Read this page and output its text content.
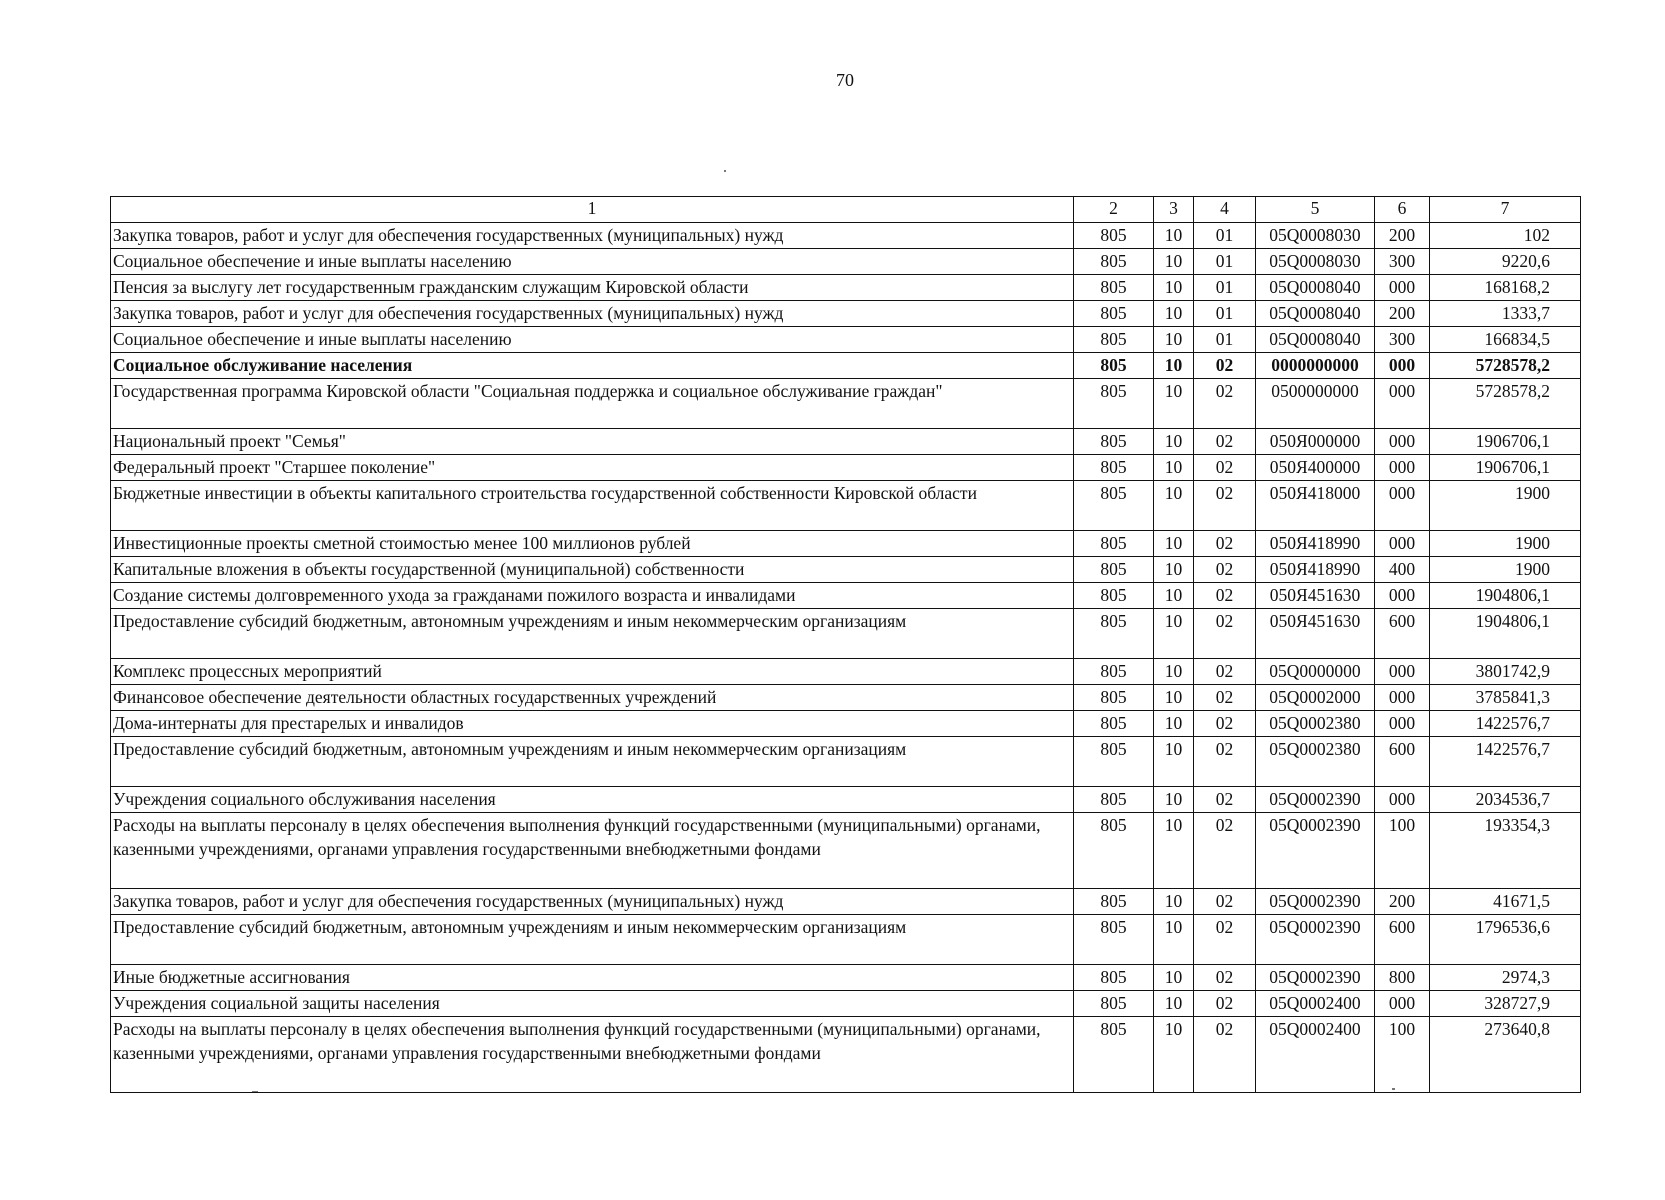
70
1	2	3	4	5	6	7
Закупка товаров, работ и услуг для обеспечения государственных (муниципальных) нужд	805	10	01	05Q0008030	200	102
Социальное обеспечение и иные выплаты населению	805	10	01	05Q0008030	300	9220,6
Пенсия за выслугу лет государственным гражданским служащим Кировской области	805	10	01	05Q0008040	000	168168,2
Закупка товаров, работ и услуг для обеспечения государственных (муниципальных) нужд	805	10	01	05Q0008040	200	1333,7
Социальное обеспечение и иные выплаты населению	805	10	01	05Q0008040	300	166834,5
Социальное обслуживание населения	805	10	02	0000000000	000	5728578,2
Государственная программа Кировской области "Социальная поддержка и социальное обслуживание граждан"	805	10	02	0500000000	000	5728578,2
Национальный проект "Семья"	805	10	02	050Я000000	000	1906706,1
Федеральный проект "Старшее поколение"	805	10	02	050Я400000	000	1906706,1
Бюджетные инвестиции в объекты капитального строительства государственной собственности Кировской области	805	10	02	050Я418000	000	1900
Инвестиционные проекты сметной стоимостью менее 100 миллионов рублей	805	10	02	050Я418990	000	1900
Капитальные вложения в объекты государственной (муниципальной) собственности	805	10	02	050Я418990	400	1900
Создание системы долговременного ухода за гражданами пожилого возраста и инвалидами	805	10	02	050Я451630	000	1904806,1
Предоставление субсидий бюджетным, автономным учреждениям и иным некоммерческим организациям	805	10	02	050Я451630	600	1904806,1
Комплекс процессных мероприятий	805	10	02	05Q0000000	000	3801742,9
Финансовое обеспечение деятельности областных государственных учреждений	805	10	02	05Q0002000	000	3785841,3
Дома-интернаты для престарелых и инвалидов	805	10	02	05Q0002380	000	1422576,7
Предоставление субсидий бюджетным, автономным учреждениям и иным некоммерческим организациям	805	10	02	05Q0002380	600	1422576,7
Учреждения социального обслуживания населения	805	10	02	05Q0002390	000	2034536,7
Расходы на выплаты персоналу в целях обеспечения выполнения функций государственными (муниципальными) органами, казенными учреждениями, органами управления государственными внебюджетными фондами	805	10	02	05Q0002390	100	193354,3
Закупка товаров, работ и услуг для обеспечения государственных (муниципальных) нужд	805	10	02	05Q0002390	200	41671,5
Предоставление субсидий бюджетным, автономным учреждениям и иным некоммерческим организациям	805	10	02	05Q0002390	600	1796536,6
Иные бюджетные ассигнования	805	10	02	05Q0002390	800	2974,3
Учреждения социальной защиты населения	805	10	02	05Q0002400	000	328727,9
Расходы на выплаты персоналу в целях обеспечения выполнения функций государственными (муниципальными) органами, казенными учреждениями, органами управления государственными внебюджетными фондами	805	10	02	05Q0002400	100	273640,8
